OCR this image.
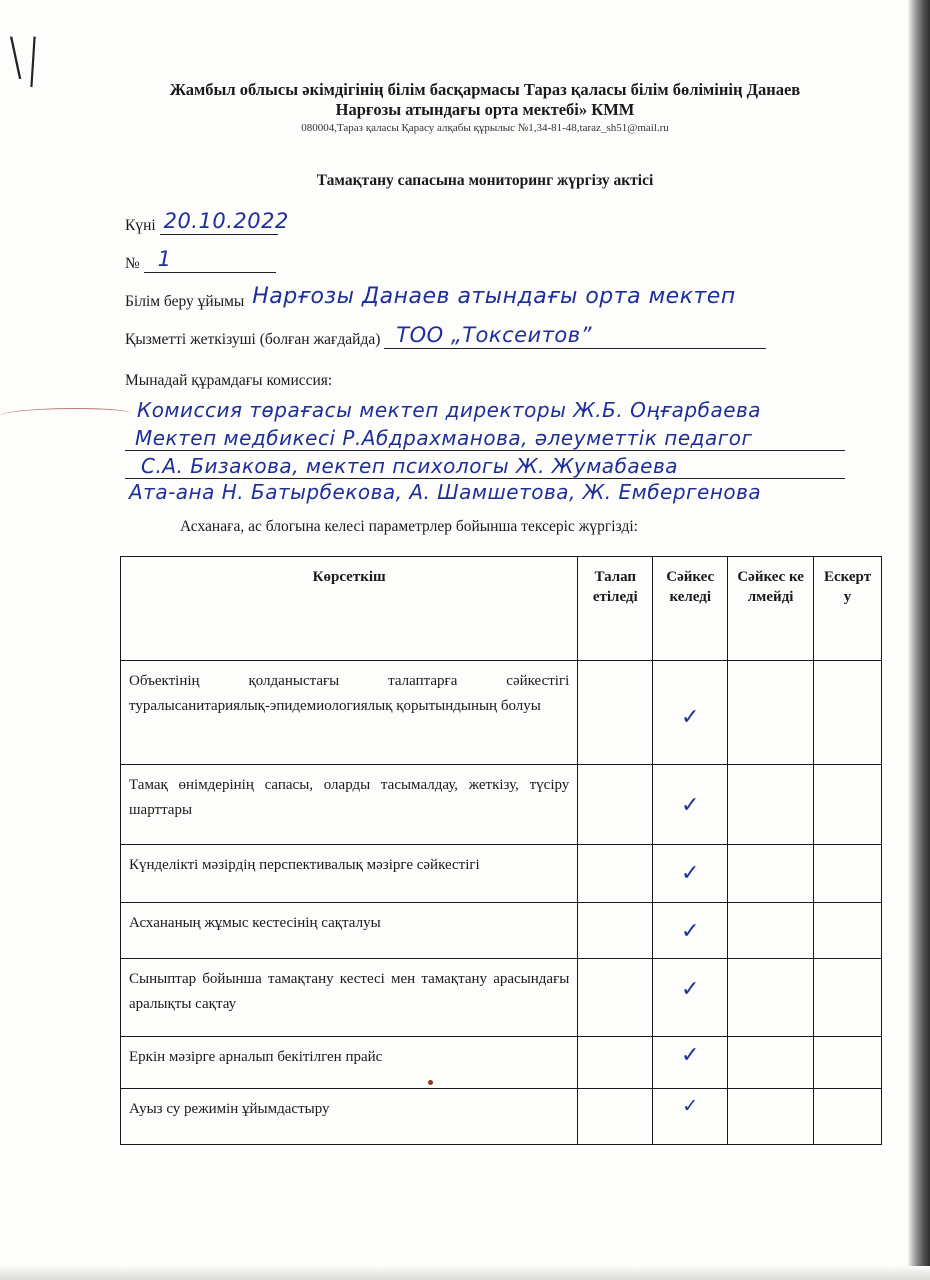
\|
Жамбыл облысы әкімдігінің білім басқармасы Тараз қаласы білім бөлімінің Данаев
Нарғозы атындағы орта мектебі» КММ
080004,Тараз қаласы Қарасу алқабы құрылыс №1,34-81-48,taraz_sh51@mail.ru
Тамақтану сапасына мониторинг жүргізу актісі
Күні 20.10.2022
№ 1
Білім беру ұйымы Нарғозы Данаев атындағы орта мектеп
Қызметті жеткізуші (болған жағдайда) ТОО „Токсеитов”
Мынадай құрамдағы комиссия:
Комиссия төрағасы мектеп директоры Ж.Б. Оңғарбаева
Мектеп медбикесі Р.Абдрахманова, әлеуметтік педагог
С.А. Бизакова, мектеп психологы Ж. Жумабаева
Ата-ана Н. Батырбекова, А. Шамшетова, Ж. Ембергенова
Асханаға, ас блогына келесі параметрлер бойынша тексеріс жүргізді:
Көрсеткіш	Талап етіледі	Сәйкес келеді	Сәйкес келмейді	Ескерту
Объектінің қолданыстағы талаптарға сәйкестігі туралысанитариялық-эпидемиологиялық қорытындының болуы		✓		
Тамақ өнімдерінің сапасы, оларды тасымалдау, жеткізу, түсіру шарттары		✓		
Күнделікті мәзірдің перспективалық мәзірге сәйкестігі		✓		
Асхананың жұмыс кестесінің сақталуы		✓		
Сыныптар бойынша тамақтану кестесі мен тамақтану арасындағы аралықты сақтау		✓		
Еркін мәзірге арналып бекітілген прайс		✓		
Ауыз су режимін ұйымдастыру		✓		
